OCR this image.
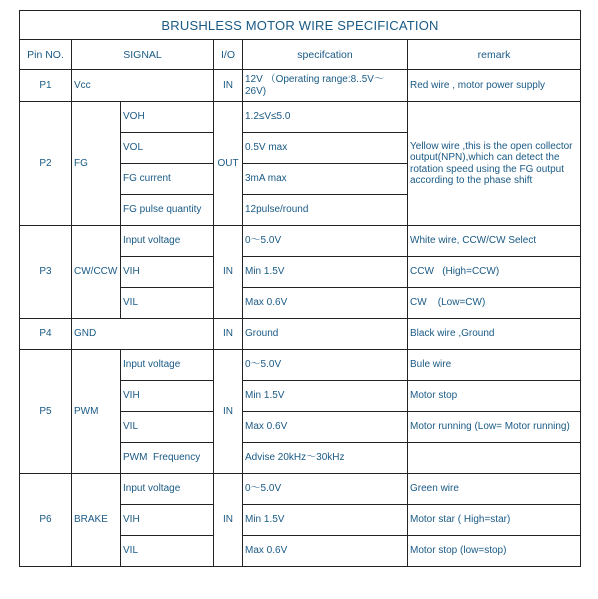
BRUSHLESS MOTOR WIRE SPECIFICATION					
Pin NO.	SIGNAL		I/O	specifcation	remark
P1	Vcc		IN	12V （Operating range:8..5V～26V)	Red wire , motor power supply
P2	FG	VOH	OUT	1.2≤V≤5.0	Yellow wire ,this is the open collector output(NPN),which can detect the rotation speed using the FG output according to the phase shift
		VOL		0.5V max	
		FG current		3mA max	
		FG pulse quantity		12pulse/round	
P3	CW/CCW	Input voltage	IN	0～5.0V	White wire, CCW/CW Select
		VIH		Min 1.5V	CCW   (High=CCW)
		VIL		Max 0.6V	CW    (Low=CW)
P4	GND		IN	Ground	Black wire ,Ground
P5	PWM	Input voltage	IN	0～5.0V	Bule wire
		VIH		Min 1.5V	Motor stop
		VIL		Max 0.6V	Motor running (Low= Motor running)
		PWM  Frequency		Advise 20kHz～30kHz	
P6	BRAKE	Input voltage	IN	0～5.0V	Green wire
		VIH		Min 1.5V	Motor star ( High=star)
		VIL		Max 0.6V	Motor stop (low=stop)
